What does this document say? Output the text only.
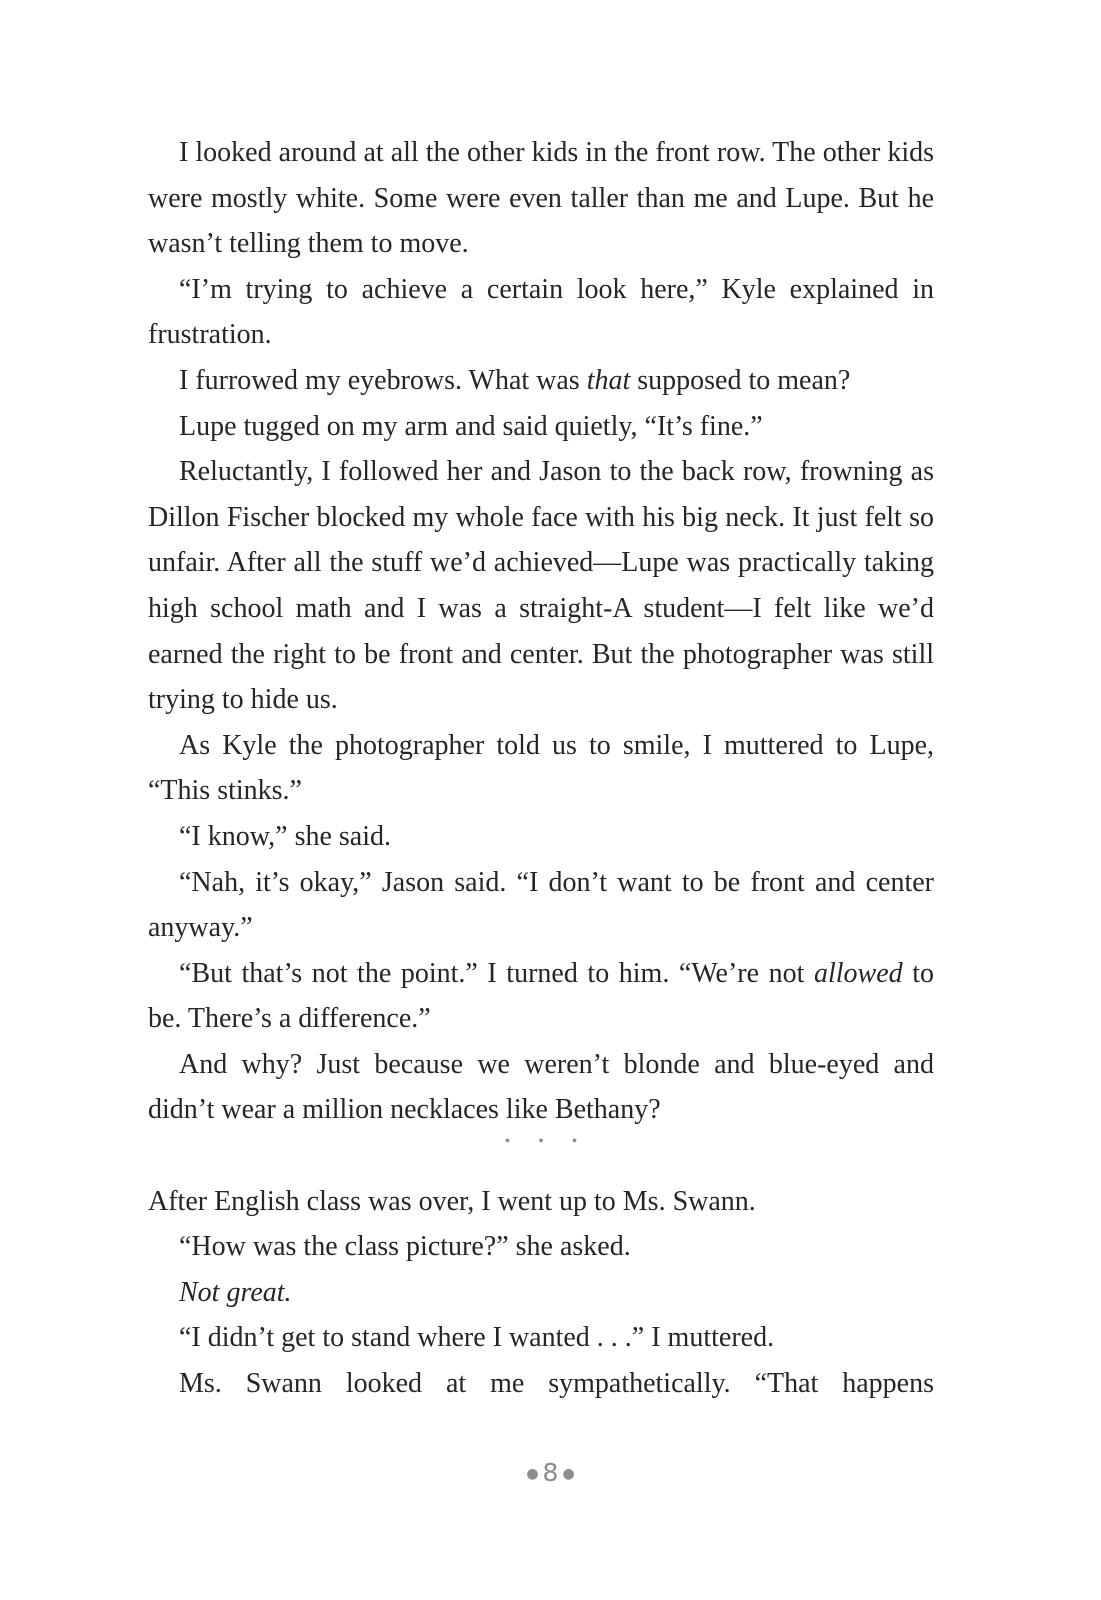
I looked around at all the other kids in the front row. The other kids were mostly white. Some were even taller than me and Lupe. But he wasn’t telling them to move.

“I’m trying to achieve a certain look here,” Kyle explained in frustration.

I furrowed my eyebrows. What was that supposed to mean?

Lupe tugged on my arm and said quietly, “It’s fine.”

Reluctantly, I followed her and Jason to the back row, frowning as Dillon Fischer blocked my whole face with his big neck. It just felt so unfair. After all the stuff we’d achieved—Lupe was practically taking high school math and I was a straight-A student—I felt like we’d earned the right to be front and center. But the photographer was still trying to hide us.

As Kyle the photographer told us to smile, I muttered to Lupe, “This stinks.”

“I know,” she said.

“Nah, it’s okay,” Jason said. “I don’t want to be front and center anyway.”

“But that’s not the point.” I turned to him. “We’re not allowed to be. There’s a difference.”

And why? Just because we weren’t blonde and blue-eyed and didn’t wear a million necklaces like Bethany?

• • •

After English class was over, I went up to Ms. Swann.

“How was the class picture?” she asked.

Not great.

“I didn’t get to stand where I wanted . . .” I muttered.

Ms. Swann looked at me sympathetically. “That happens

● 8 ●
